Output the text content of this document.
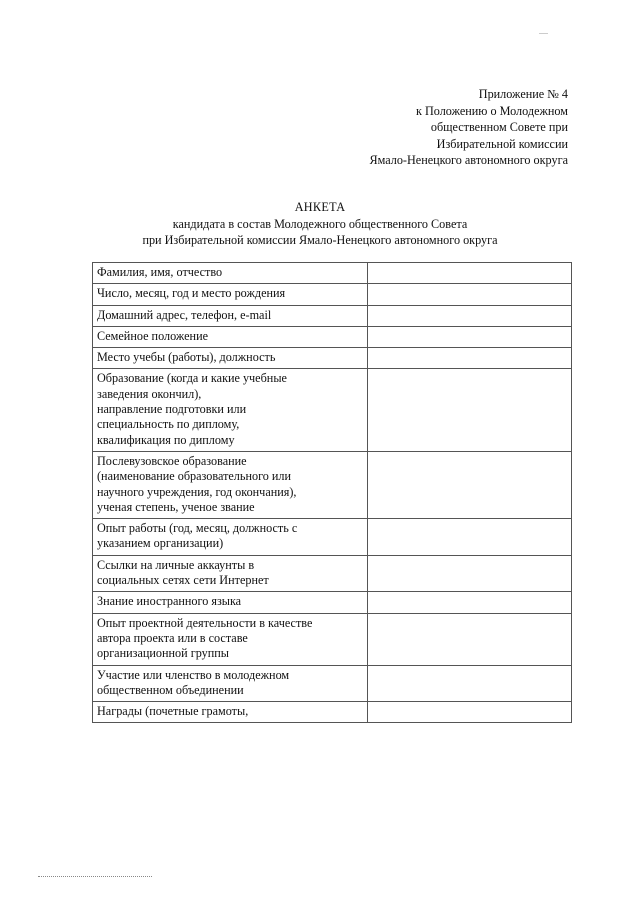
Приложение № 4
к Положению о Молодежном
общественном Совете при
Избирательной комиссии
Ямало-Ненецкого автономного округа
АНКЕТА
кандидата в состав Молодежного общественного Совета
при Избирательной комиссии Ямало-Ненецкого автономного округа
Фамилия, имя, отчество	
Число, месяц, год и место рождения	
Домашний адрес, телефон, e-mail	
Семейное положение	
Место учебы (работы), должность	
Образование (когда и какие учебные
заведения окончил),
направление подготовки или
специальность по диплому,
квалификация по диплому	
Послевузовское образование
(наименование образовательного или
научного учреждения, год окончания),
ученая степень, ученое звание	
Опыт работы (год, месяц, должность с
указанием организации)	
Ссылки на личные аккаунты в
социальных сетях сети Интернет	
Знание иностранного языка	
Опыт проектной деятельности в качестве
автора проекта или в составе
организационной группы	
Участие или членство в молодежном
общественном объединении	
Награды (почетные грамоты,	
